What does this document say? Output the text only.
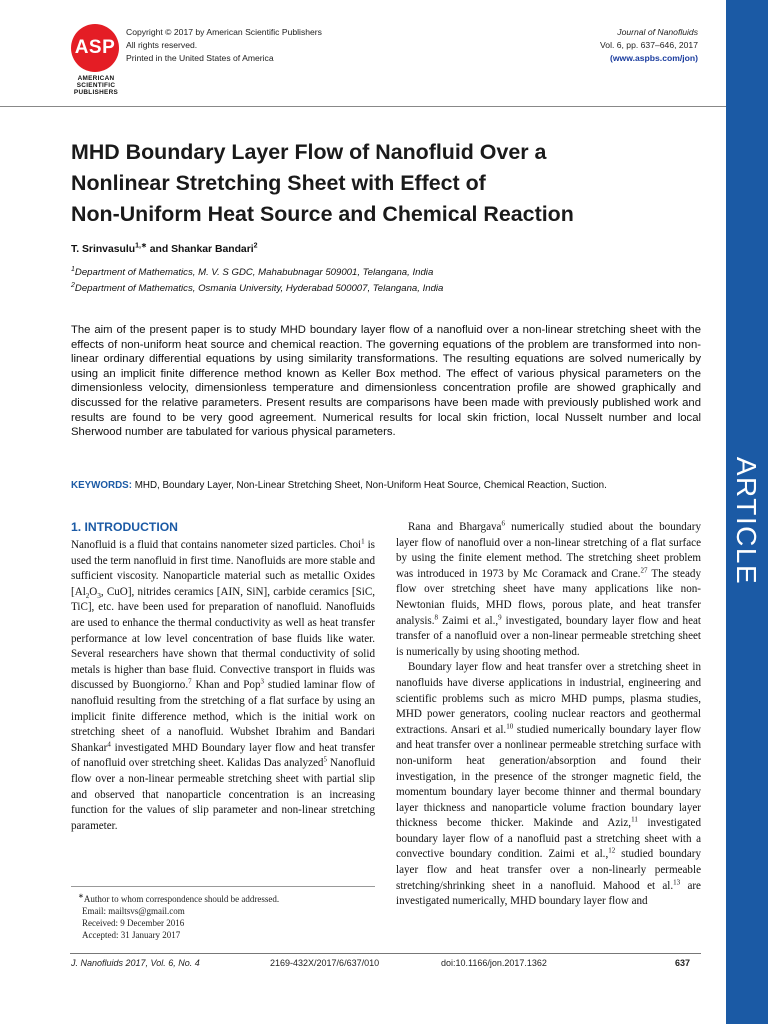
ASP
AMERICAN
SCIENTIFIC
PUBLISHERS
Copyright © 2017 by American Scientific Publishers
All rights reserved.
Printed in the United States of America
Journal of Nanofluids
Vol. 6, pp. 637–646, 2017
(www.aspbs.com/jon)
ARTICLE
MHD Boundary Layer Flow of Nanofluid Over a
Nonlinear Stretching Sheet with Effect of
Non-Uniform Heat Source and Chemical Reaction
T. Srinvasulu$^{1,∗}$ and Shankar Bandari$^2$
$^1$Department of Mathematics, M. V. S GDC, Mahabubnagar 509001, Telangana, India
$^2$Department of Mathematics, Osmania University, Hyderabad 500007, Telangana, India
The aim of the present paper is to study MHD boundary layer flow of a nanofluid over a non-linear stretching sheet with the effects of non-uniform heat source and chemical reaction. The governing equations of the problem are transformed into non-linear ordinary differential equations by using similarity transformations. The resulting equations are solved numerically by using an implicit finite difference method known as Keller Box method. The effect of various physical parameters on the dimensionless velocity, dimensionless temperature and dimensionless concentration profile are showed graphically and discussed for the relative parameters. Present results are comparisons have been made with previously published work and results are found to be very good agreement. Numerical results for local skin friction, local Nusselt number and local Sherwood number are tabulated for various physical parameters.
KEYWORDS: MHD, Boundary Layer, Non-Linear Stretching Sheet, Non-Uniform Heat Source, Chemical Reaction, Suction.
1. INTRODUCTION

Nanofluid is a fluid that contains nanometer sized particles. Choi$^1$ is used the term nanofluid in first time. Nanofluids are more stable and sufficient viscosity. Nanoparticle material such as metallic Oxides [$Al_2O_3$, CuO], nitrides ceramics [AIN, SiN], carbide ceramics [SiC, TiC], etc. have been used for preparation of nanofluid. Nanofluids are used to enhance the thermal conductivity as well as heat transfer performance at low level concentration of base fluids like water. Several researchers have shown that thermal conductivity of solid metals is higher than base fluid. Convective transport in fluids was discussed by Buongiorno.$^7$ Khan and Pop$^3$ studied laminar flow of nanofluid resulting from the stretching of a flat surface by using an implicit finite difference method, which is the initial work on stretching sheet of a nanofluid. Wubshet Ibrahim and Bandari Shankar$^4$ investigated MHD Boundary layer flow and heat transfer of nanofluid over stretching sheet. Kalidas Das analyzed$^5$ Nanofluid flow over a non-linear permeable stretching sheet with partial slip and observed that nanoparticle concentration is an increasing function for the values of slip parameter and non-linear stretching parameter.

Rana and Bhargava$^6$ numerically studied about the boundary layer flow of nanofluid over a non-linear stretching of a flat surface by using the finite element method. The stretching sheet problem was introduced in 1973 by Mc Coramack and Crane.$^{27}$ The steady flow over stretching sheet have many applications like non-Newtonian fluids, MHD flows, porous plate, and heat transfer analysis.$^8$ Zaimi et al.,$^9$ investigated, boundary layer flow and heat transfer of a nanofluid over a non-linear permeable stretching sheet is numerically by using shooting method.

Boundary layer flow and heat transfer over a stretching sheet in nanofluids have diverse applications in industrial, engineering and scientific problems such as micro MHD pumps, plasma studies, MHD power generators, cooling nuclear reactors and geothermal extractions. Ansari et al.$^{10}$ studied numerically boundary layer flow and heat transfer over a nonlinear permeable stretching surface with non-uniform heat generation/absorption and found their investigation, in the presence of the stronger magnetic field, the momentum boundary layer become thinner and thermal boundary layer thickness and nanoparticle volume fraction boundary layer thickness become thicker. Makinde and Aziz,$^{11}$ investigated boundary layer flow of a nanofluid past a stretching sheet with a convective boundary condition. Zaimi et al.,$^{12}$ studied boundary layer flow and heat transfer over a non-linearly permeable stretching/shrinking sheet in a nanofluid. Mahood et al.$^{13}$ are investigated numerically, MHD boundary layer flow and

∗Author to whom correspondence should be addressed.
Email: mailtsvs@gmail.com
Received: 9 December 2016
Accepted: 31 January 2017
J. Nanofluids 2017, Vol. 6, No. 4	2169-432X/2017/6/637/010	doi:10.1166/jon.2017.1362	637
